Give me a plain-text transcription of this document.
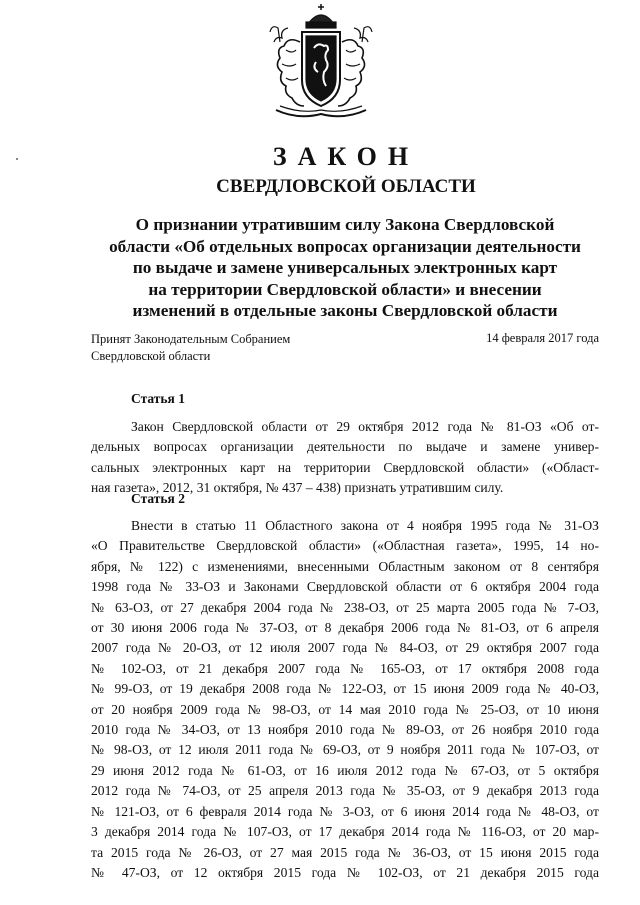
ЗАКОН
СВЕРДЛОВСКОЙ ОБЛАСТИ
О признании утратившим силу Закона Свердловской
области «Об отдельных вопросах организации деятельности
по выдаче и замене универсальных электронных карт
на территории Свердловской области» и внесении
изменений в отдельные законы Свердловской области
Принят Законодательным Собранием
Свердловской области
14 февраля 2017 года
Статья 1
Закон Свердловской области от 29 октября 2012 года № 81-ОЗ «Об от-
дельных вопросах организации деятельности по выдаче и замене универ-
сальных электронных карт на территории Свердловской области» («Област-
ная газета», 2012, 31 октября, № 437 – 438) признать утратившим силу.
Статья 2
Внести в статью 11 Областного закона от 4 ноября 1995 года № 31-ОЗ
«О Правительстве Свердловской области» («Областная газета», 1995, 14 но-
ября, № 122) с изменениями, внесенными Областным законом от 8 сентября
1998 года № 33-ОЗ и Законами Свердловской области от 6 октября 2004 года
№ 63-ОЗ, от 27 декабря 2004 года № 238-ОЗ, от 25 марта 2005 года № 7-ОЗ,
от 30 июня 2006 года № 37-ОЗ, от 8 декабря 2006 года № 81-ОЗ, от 6 апреля
2007 года № 20-ОЗ, от 12 июля 2007 года № 84-ОЗ, от 29 октября 2007 года
№ 102-ОЗ, от 21 декабря 2007 года № 165-ОЗ, от 17 октября 2008 года
№ 99-ОЗ, от 19 декабря 2008 года № 122-ОЗ, от 15 июня 2009 года № 40-ОЗ,
от 20 ноября 2009 года № 98-ОЗ, от 14 мая 2010 года № 25-ОЗ, от 10 июня
2010 года № 34-ОЗ, от 13 ноября 2010 года № 89-ОЗ, от 26 ноября 2010 года
№ 98-ОЗ, от 12 июля 2011 года № 69-ОЗ, от 9 ноября 2011 года № 107-ОЗ, от
29 июня 2012 года № 61-ОЗ, от 16 июля 2012 года № 67-ОЗ, от 5 октября
2012 года № 74-ОЗ, от 25 апреля 2013 года № 35-ОЗ, от 9 декабря 2013 года
№ 121-ОЗ, от 6 февраля 2014 года № 3-ОЗ, от 6 июня 2014 года № 48-ОЗ, от
3 декабря 2014 года № 107-ОЗ, от 17 декабря 2014 года № 116-ОЗ, от 20 мар-
та 2015 года № 26-ОЗ, от 27 мая 2015 года № 36-ОЗ, от 15 июня 2015 года
№ 47-ОЗ, от 12 октября 2015 года № 102-ОЗ, от 21 декабря 2015 года
